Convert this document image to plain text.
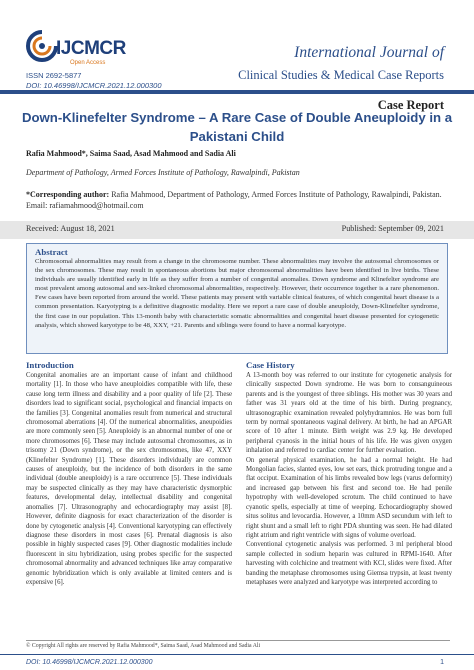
IJCMCR
Open Access
ISSN 2692-5877
DOI: 10.46998/IJCMCR.2021.12.000300
International Journal of
Clinical Studies & Medical Case Reports
Case Report
Down-Klinefelter Syndrome – A Rare Case of Double Aneuploidy in a Pakistani Child
Rafia Mahmood*, Saima Saad, Asad Mahmood and Sadia Ali
Department of Pathology, Armed Forces Institute of Pathology, Rawalpindi, Pakistan
*Corresponding author: Rafia Mahmood, Department of Pathology, Armed Forces Institute of Pathology, Rawalpindi, Pakistan. Email: rafiamahmood@hotmail.com
Received: August 18, 2021	Published: September 09, 2021
Abstract
Chromosomal abnormalities may result from a change in the chromosome number. These abnormalities may involve the autosomal chromosomes or the sex chromosomes. These may result in spontaneous abortions but major chromosomal abnormalities have been identified in live births. These individuals are usually identified early in life as they suffer from a number of congenital anomalies. Down syndrome and Klinefelter syndrome are most prevalent among autosomal and sex-linked chromosomal abnormalities, respectively. However, their occurrence together is a rare phenomenon. Few cases have been reported from around the world. These patients may present with variable clinical features, of which congenital heart disease is a common presentation. Karyotyping is a definitive diagnostic modality. Here we report a rare case of double aneuploidy, Down-Klinefelter syndrome, the first case in our population. This 13-month baby with characteristic somatic abnormalities and congenital heart disease presented for cytogenetic analysis, which showed karyotype to be 48, XXY, +21. Parents and siblings were found to have a normal karyotype.
Introduction
Congenital anomalies are an important cause of infant and childhood mortality [1]. In those who have aneuploidies compatible with life, these cause long term illness and disability and a poor quality of life [2]. These disorders lead to significant social, psychological and financial impacts on the families [3]. Congenital anomalies result from numerical and structural chromosomal aberrations [4]. Of the numerical abnormalities, aneupoidies are more commonly seen [5]. Aneuploidy is an abnormal number of one or more chromosomes [6]. These may include autosomal chromosomes, as in trisomy 21 (Down syndrome), or the sex chromosomes, like 47, XXY (Klinefelter Syndrome) [1]. These disorders individually are common causes of aneuploidy, but the incidence of both disorders in the same individual (double aneuploidy) is a rare occurrence [5]. These individuals may be suspected clinically as they may have characteristic dysmorphic features, developmental delay, intellectual disability and congenital anomalies [7]. Ultrasonography and echocardiography may assist [8]. However, definite diagnosis for exact characterization of the disorder is done by cytogenetic analysis [4]. Conventional karyotyping can effectively diagnose these disorders in most cases [6]. Prenatal diagnosis is also possible in highly suspected cases [9]. Other diagnostic modalities include fluorescent in situ hybridization, using probes specific for the suspected chromosomal abnormality and advanced techniques like array comparative genomic hybridization which is only available at limited centers and is expensive [6].
Case History
A 13-month boy was referred to our institute for cytogenetic analysis for clinically suspected Down syndrome. He was born to consanguineous parents and is the youngest of three siblings. His mother was 30 years and father was 31 years old at the time of his birth. During pregnancy, ultrasonographic examination revealed polyhydramnios. He was born full term by normal spontaneous vaginal delivery. At birth, he had an APGAR score of 10 after 1 minute. Birth weight was 2.9 kg. He developed peripheral cyanosis in the initial hours of his life. He was given oxygen inhalation and referred to cardiac center for further evaluation.
On general physical examination, he had a normal height. He had Mongolian facies, slanted eyes, low set ears, thick protruding tongue and a flat occiput. Examination of his limbs revealed bow legs (varus deformity) and increased gap between his first and second toe. He had penile hypotrophy with well-developed scrotum. The child continued to have cyanotic spells, especially at time of weeping. Echocardiography showed situs solitus and levocardia. However, a 10mm ASD secundum with left to right shunt and a small left to right PDA shunting was seen. He had dilated right atrium and right ventricle with signs of volume overload.
Conventional cytogenetic analysis was performed. 3 ml peripheral blood sample collected in sodium heparin was cultured in RPMI-1640. After harvesting with colchicine and treatment with KCl, slides were fixed. After banding the metaphase chromosomes using Giemsa trypsin, at least twenty metaphases were analyzed and karyotype was interpreted according to
© Copyright All rights are reserved by Rafia Mahmood*, Saima Saad, Asad Mahmood and Sadia Ali
DOI: 10.46998/IJCMCR.2021.12.000300	1
